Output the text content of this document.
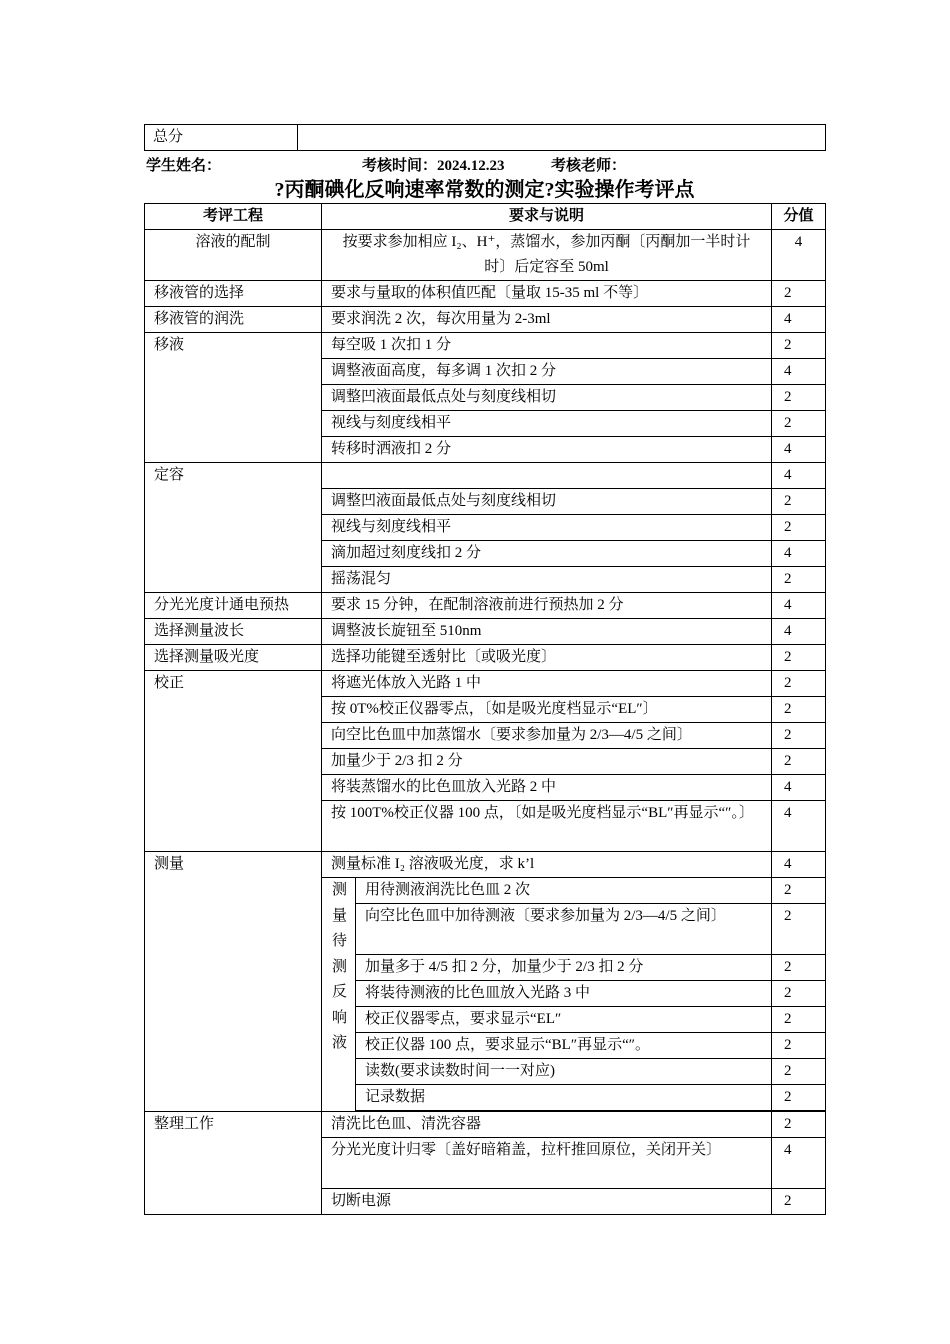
总分	
学生姓名：	考核时间：2024.12.23	考核老师：
?丙酮碘化反响速率常数的测定?实验操作考评点
考评工程	要求与说明		分值
溶液的配制	按要求参加相应 I₂、H⁺，蒸馏水，参加丙酮〔丙酮加一半时计时〕后定容至 50ml		4
移液管的选择	要求与量取的体积值匹配〔量取 15-35 ml 不等〕		2
移液管的润洗	要求润洗 2 次，每次用量为 2-3ml		4
移液	每空吸 1 次扣 1 分		2
	调整液面高度，每多调 1 次扣 2 分		4
	调整凹液面最低点处与刻度线相切		2
	视线与刻度线相平		2
	转移时洒液扣 2 分		4
定容			4
	调整凹液面最低点处与刻度线相切		2
	视线与刻度线相平		2
	滴加超过刻度线扣 2 分		4
	摇荡混匀		2
分光光度计通电预热	要求 15 分钟，在配制溶液前进行预热加 2 分		4
选择测量波长	调整波长旋钮至 510nm		4
选择测量吸光度	选择功能键至透射比〔或吸光度〕		2
校正	将遮光体放入光路 1 中		2
	按 0T%校正仪器零点，〔如是吸光度档显示“EL″〕		2
	向空比色皿中加蒸馏水〔要求参加量为 2/3—4/5 之间〕		2
	加量少于 2/3 扣 2 分		2
	将装蒸馏水的比色皿放入光路 2 中		4
	按 100T%校正仪器 100 点，〔如是吸光度档显示“BL″再显示“″。〕		4
测量	测量标准 I₂ 溶液吸光度，求 k’l		4

	测量待测反响液	用待测液润洗比色皿 2 次	2
		向空比色皿中加待测液〔要求参加量为 2/3—4/5 之间〕	2
		加量多于 4/5 扣 2 分，加量少于 2/3 扣 2 分	2
		将装待测液的比色皿放入光路 3 中	2
		校正仪器零点，要求显示“EL″	2
		校正仪器 100 点，要求显示“BL″再显示“″。	2
		读数(要求读数时间一一对应)	2
		记录数据	2

整理工作	清洗比色皿、清洗容器		2
	分光光度计归零〔盖好暗箱盖，拉杆推回原位，关闭开关〕		4
	切断电源		2
